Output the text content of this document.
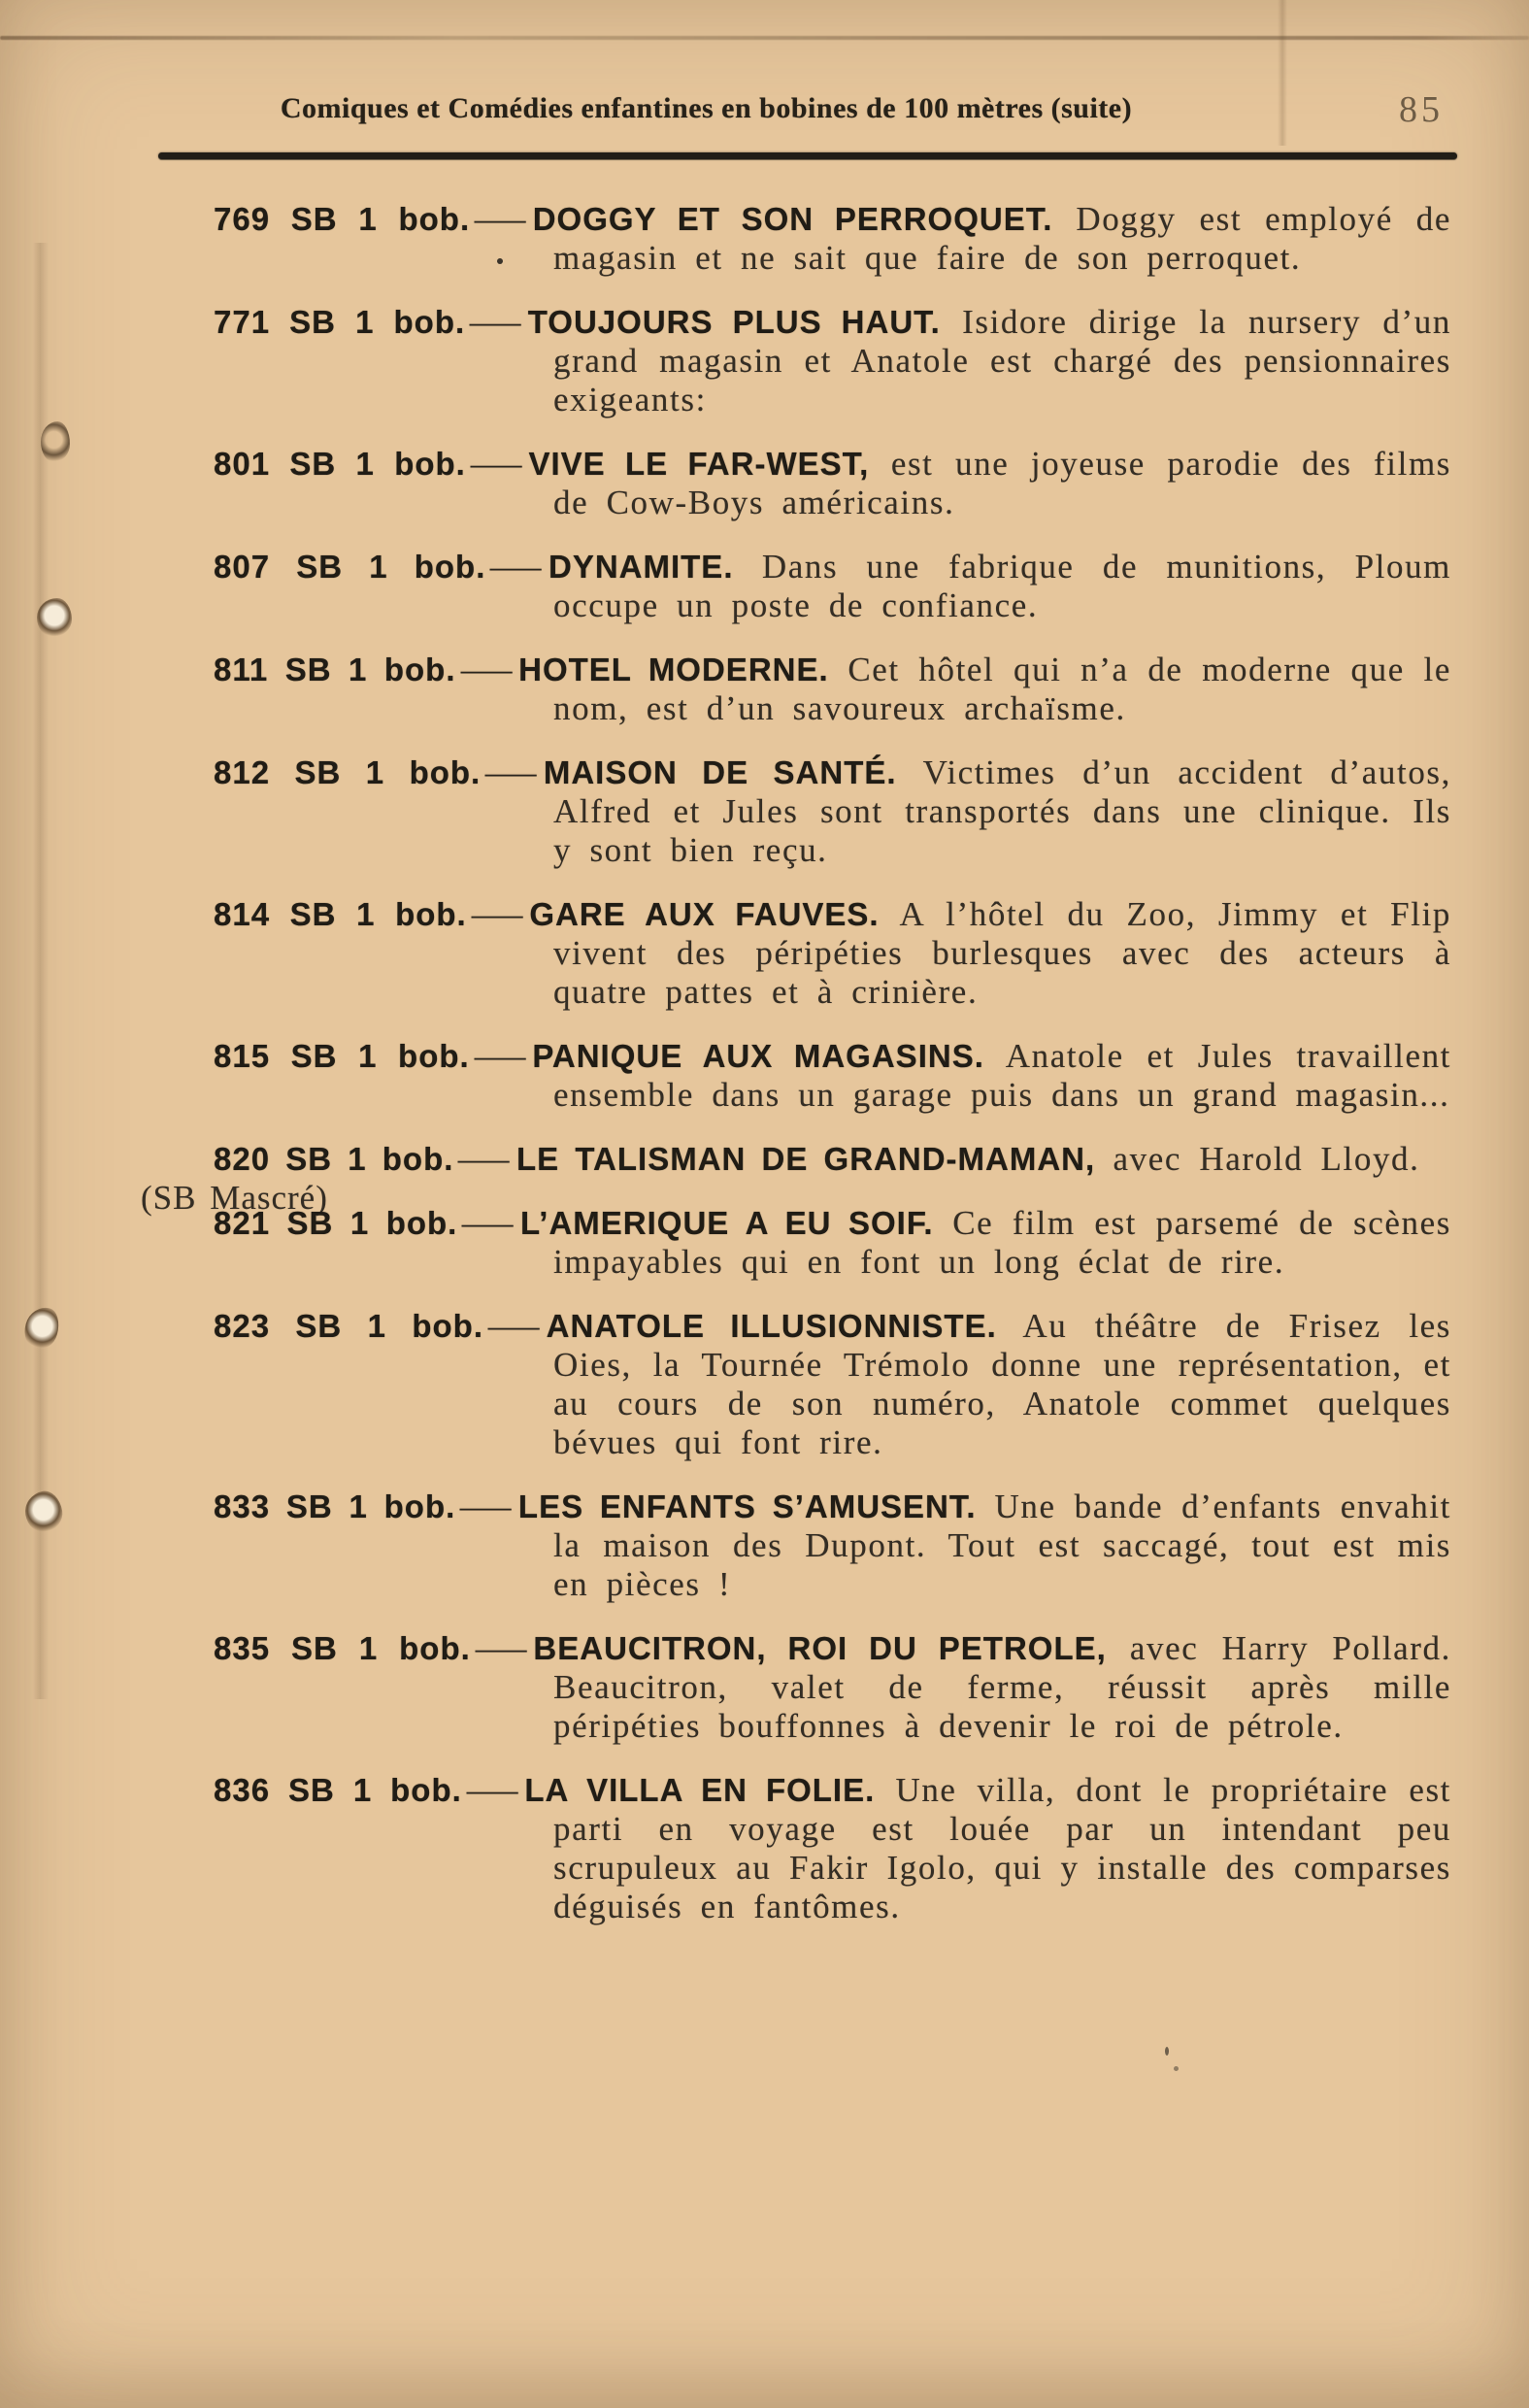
Comiques et Comédies enfantines en bobines de 100 mètres (suite)	85
769 SB 1 bob. — DOGGY ET SON PERROQUET. Doggy est employé de magasin et ne sait que faire de son perroquet.
771 SB 1 bob. — TOUJOURS PLUS HAUT. Isidore dirige la nursery d’un grand magasin et Anatole est chargé des pensionnaires exigeants:
801 SB 1 bob. — VIVE LE FAR-WEST, est une joyeuse parodie des films de Cow-Boys américains.
807 SB 1 bob. — DYNAMITE. Dans une fabrique de munitions, Ploum occupe un poste de confiance.
811 SB 1 bob. — HOTEL MODERNE. Cet hôtel qui n’a de moderne que le nom, est d’un savoureux archaïsme.
812 SB 1 bob. — MAISON DE SANTÉ. Victimes d’un accident d’autos, Alfred et Jules sont transportés dans une clinique. Ils y sont bien reçu.
814 SB 1 bob. — GARE AUX FAUVES. A l’hôtel du Zoo, Jimmy et Flip vivent des péripéties burlesques avec des acteurs à quatre pattes et à crinière.
815 SB 1 bob. — PANIQUE AUX MAGASINS. Anatole et Jules travaillent ensemble dans un garage puis dans un grand magasin...
820 SB 1 bob. — LE TALISMAN DE GRAND-MAMAN, avec Harold Lloyd.
(SB Mascré)
821 SB 1 bob. — L’AMERIQUE A EU SOIF. Ce film est parsemé de scènes impayables qui en font un long éclat de rire.
823 SB 1 bob. — ANATOLE ILLUSIONNISTE. Au théâtre de Frisez les Oies, la Tournée Trémolo donne une représentation, et au cours de son numéro, Anatole commet quelques bévues qui font rire.
833 SB 1 bob. — LES ENFANTS S’AMUSENT. Une bande d’enfants envahit la maison des Dupont. Tout est saccagé, tout est mis en pièces !
835 SB 1 bob. — BEAUCITRON, ROI DU PETROLE, avec Harry Pollard. Beaucitron, valet de ferme, réussit après mille péripéties bouffonnes à devenir le roi de pétrole.
836 SB 1 bob. — LA VILLA EN FOLIE. Une villa, dont le propriétaire est parti en voyage est louée par un intendant peu scrupuleux au Fakir Igolo, qui y installe des comparses déguisés en fantômes.
